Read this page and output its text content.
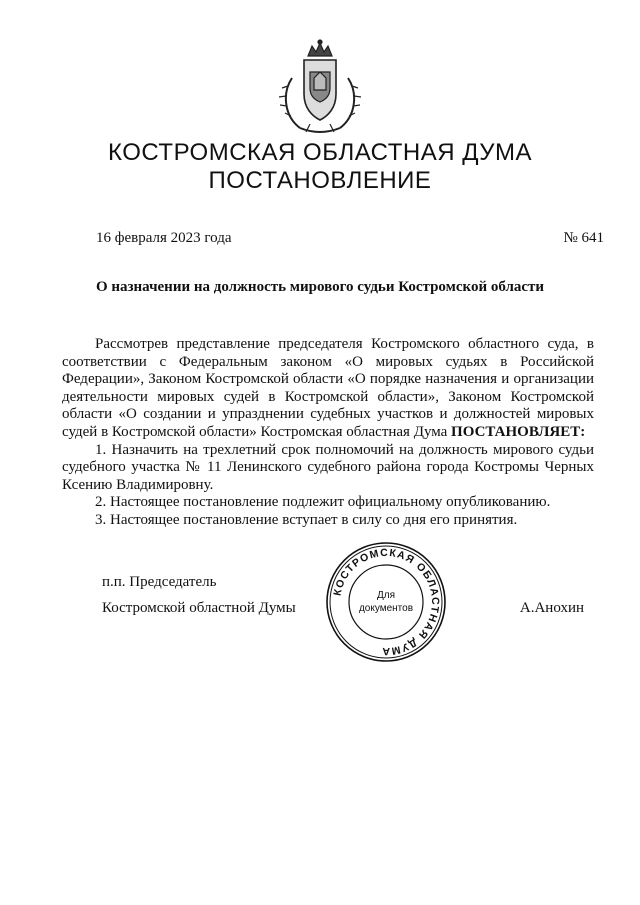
КОСТРОМСКАЯ ОБЛАСТНАЯ ДУМА
ПОСТАНОВЛЕНИЕ
16 февраля 2023 года	№ 641
О назначении на должность мирового судьи Костромской области

Рассмотрев представление председателя Костромского областного суда, в соответствии с Федеральным законом «О мировых судьях в Российской Федерации», Законом Костромской области «О порядке назначения и организации деятельности мировых судей в Костромской области», Законом Костромской области «О создании и упразднении судебных участков и должностей мировых судей в Костромской области» Костромская областная Дума ПОСТАНОВЛЯЕТ:

1. Назначить на трехлетний срок полномочий на должность мирового судьи судебного участка № 11 Ленинского судебного района города Костромы Черных Ксению Владимировну.

2. Настоящее постановление подлежит официальному опубликованию.

3. Настоящее постановление вступает в силу со дня его принятия.

п.п. Председатель
Костромской областной Думы	А.Анохин
КОСТРОМСКАЯ ОБЛАСТНАЯ ДУМА
Для
документов
